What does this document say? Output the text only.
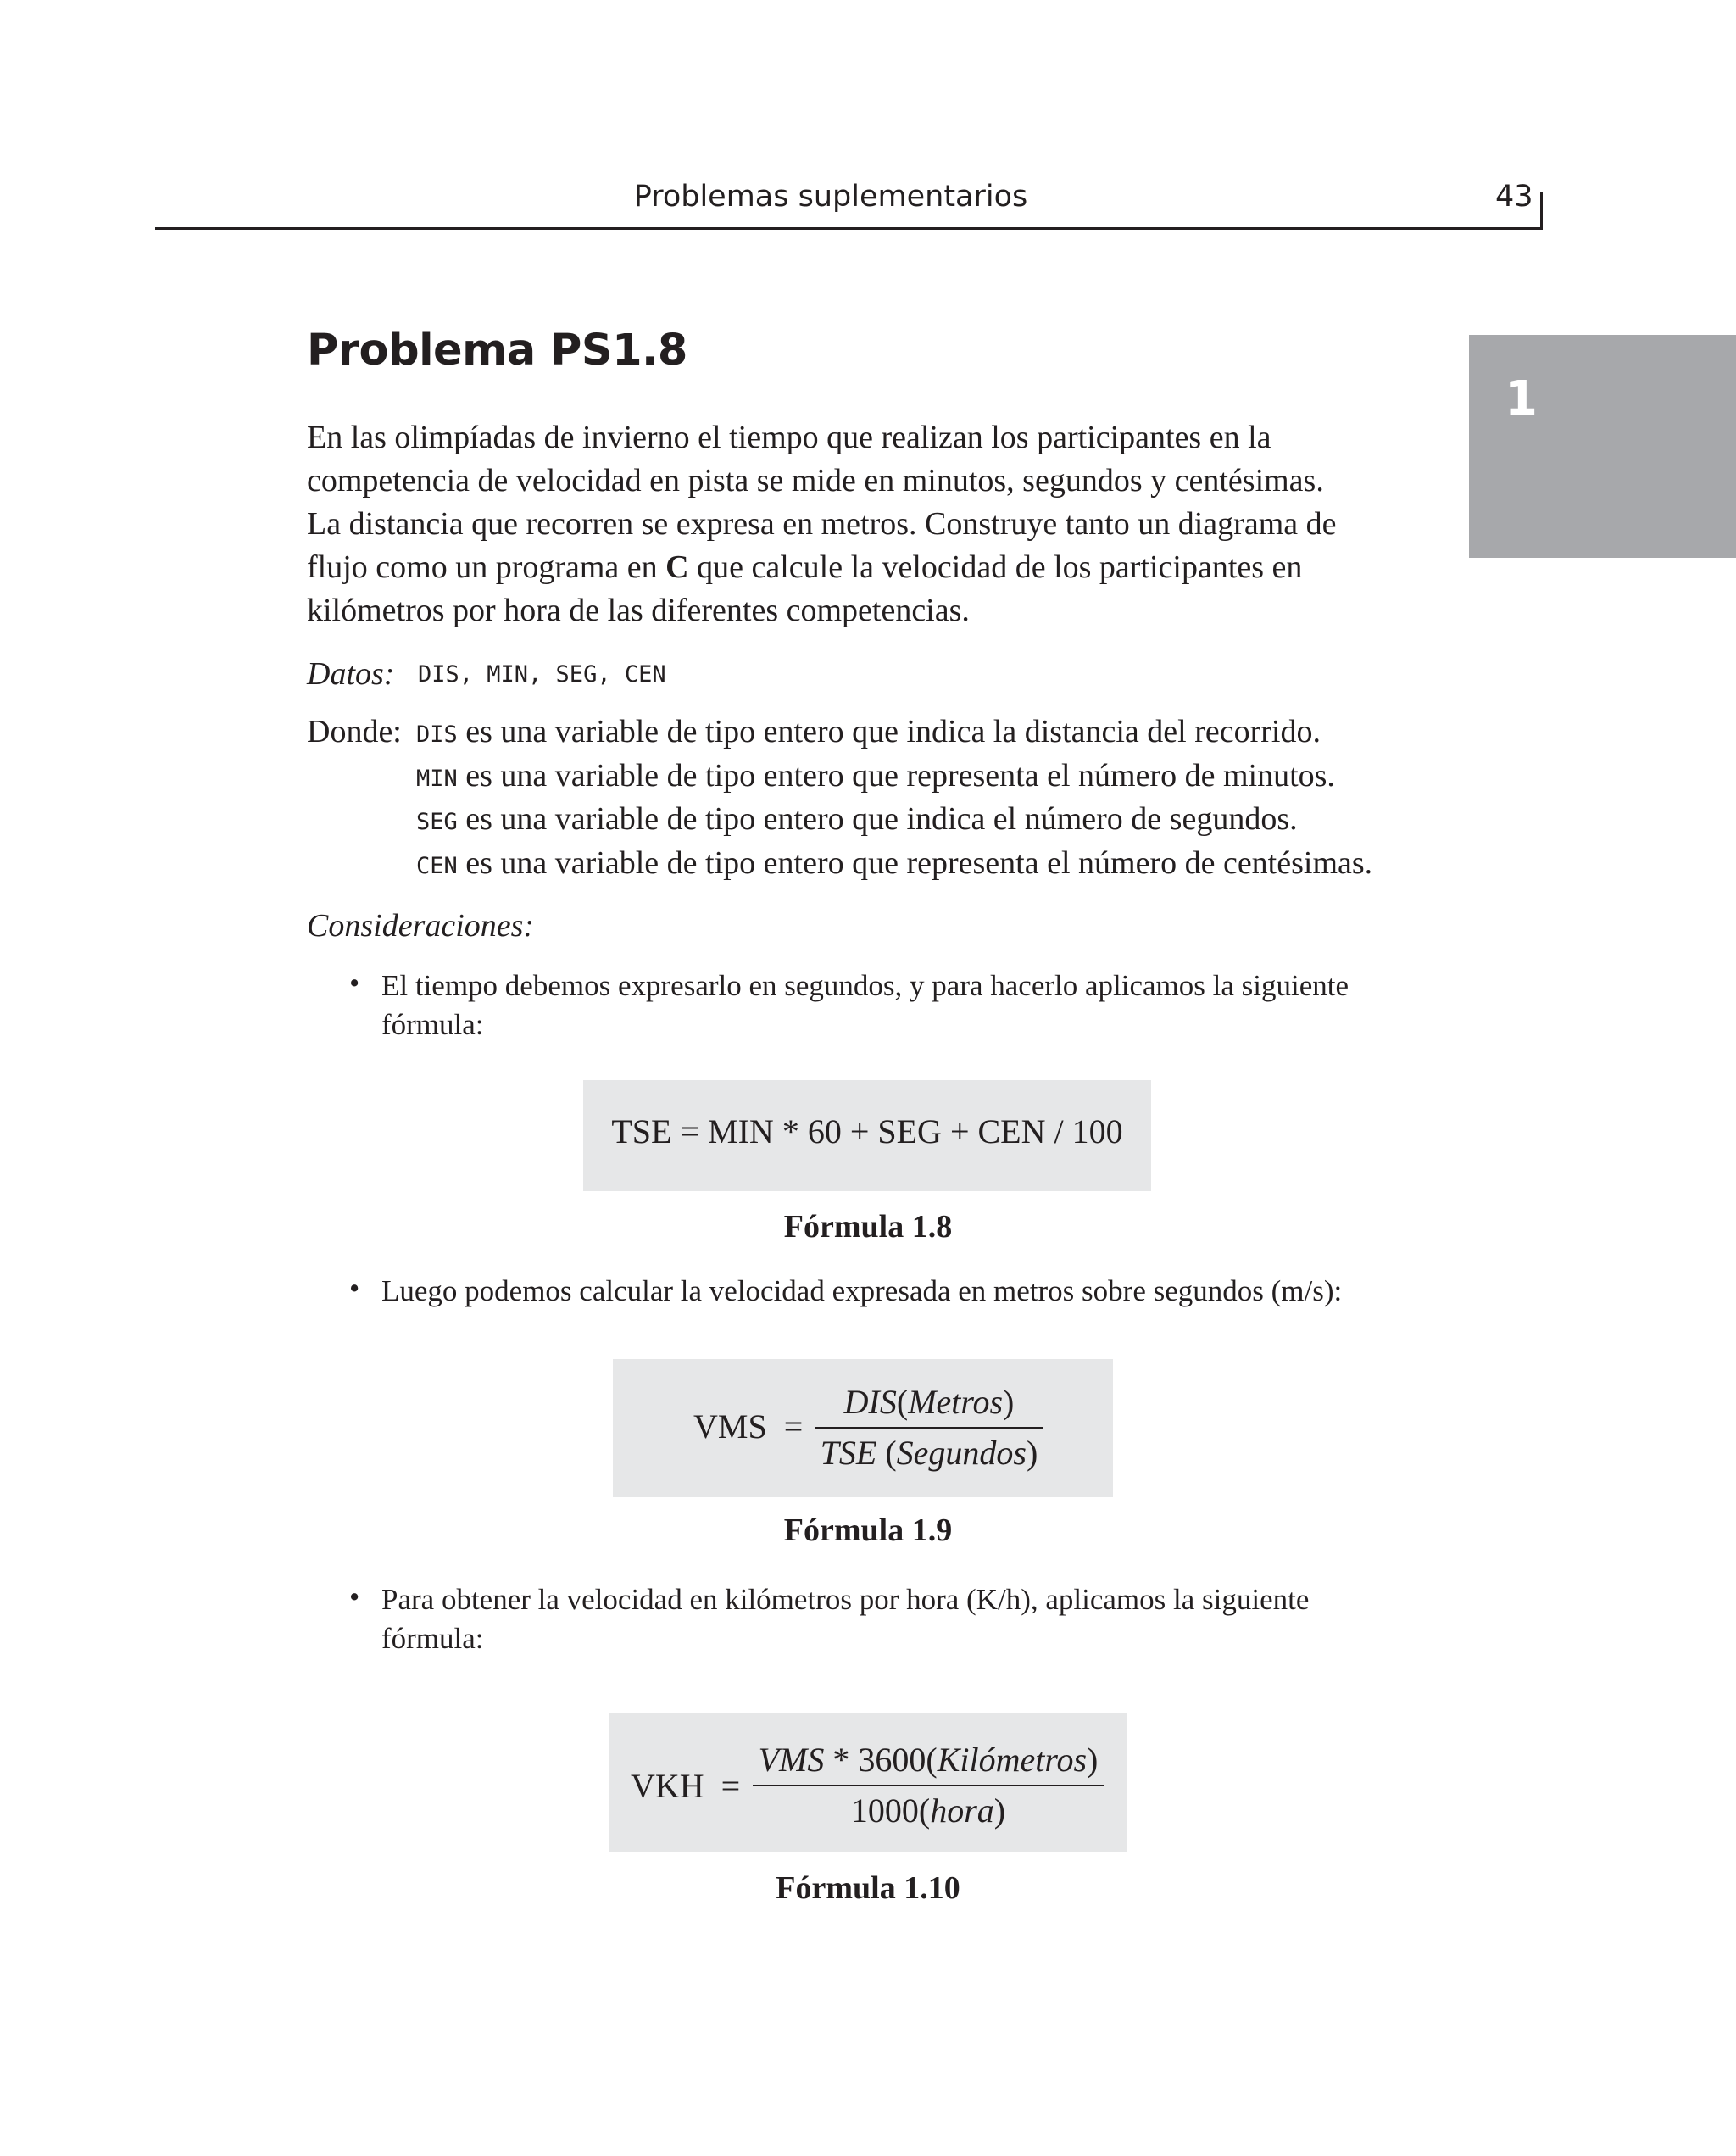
Problemas suplementarios	43
1
Problema PS1.8
En las olimpíadas de invierno el tiempo que realizan los participantes en la
competencia de velocidad en pista se mide en minutos, segundos y centésimas.
La distancia que recorren se expresa en metros. Construye tanto un diagrama de
flujo como un programa en C que calcule la velocidad de los participantes en
kilómetros por hora de las diferentes competencias.
Datos: DIS, MIN, SEG, CEN
Donde: DIS es una variable de tipo entero que indica la distancia del recorrido.
MIN es una variable de tipo entero que representa el número de minutos.
SEG es una variable de tipo entero que indica el número de segundos.
CEN es una variable de tipo entero que representa el número de centésimas.
Consideraciones:
• El tiempo debemos expresarlo en segundos, y para hacerlo aplicamos la siguiente
fórmula:
TSE = MIN * 60 + SEG + CEN / 100
Fórmula 1.8
• Luego podemos calcular la velocidad expresada en metros sobre segundos (m/s):
VMS =
DIS(Metros)
TSE (Segundos)
Fórmula 1.9
• Para obtener la velocidad en kilómetros por hora (K/h), aplicamos la siguiente
fórmula:
VKH =
VMS * 3600(Kilómetros)
1000(hora)
Fórmula 1.10
